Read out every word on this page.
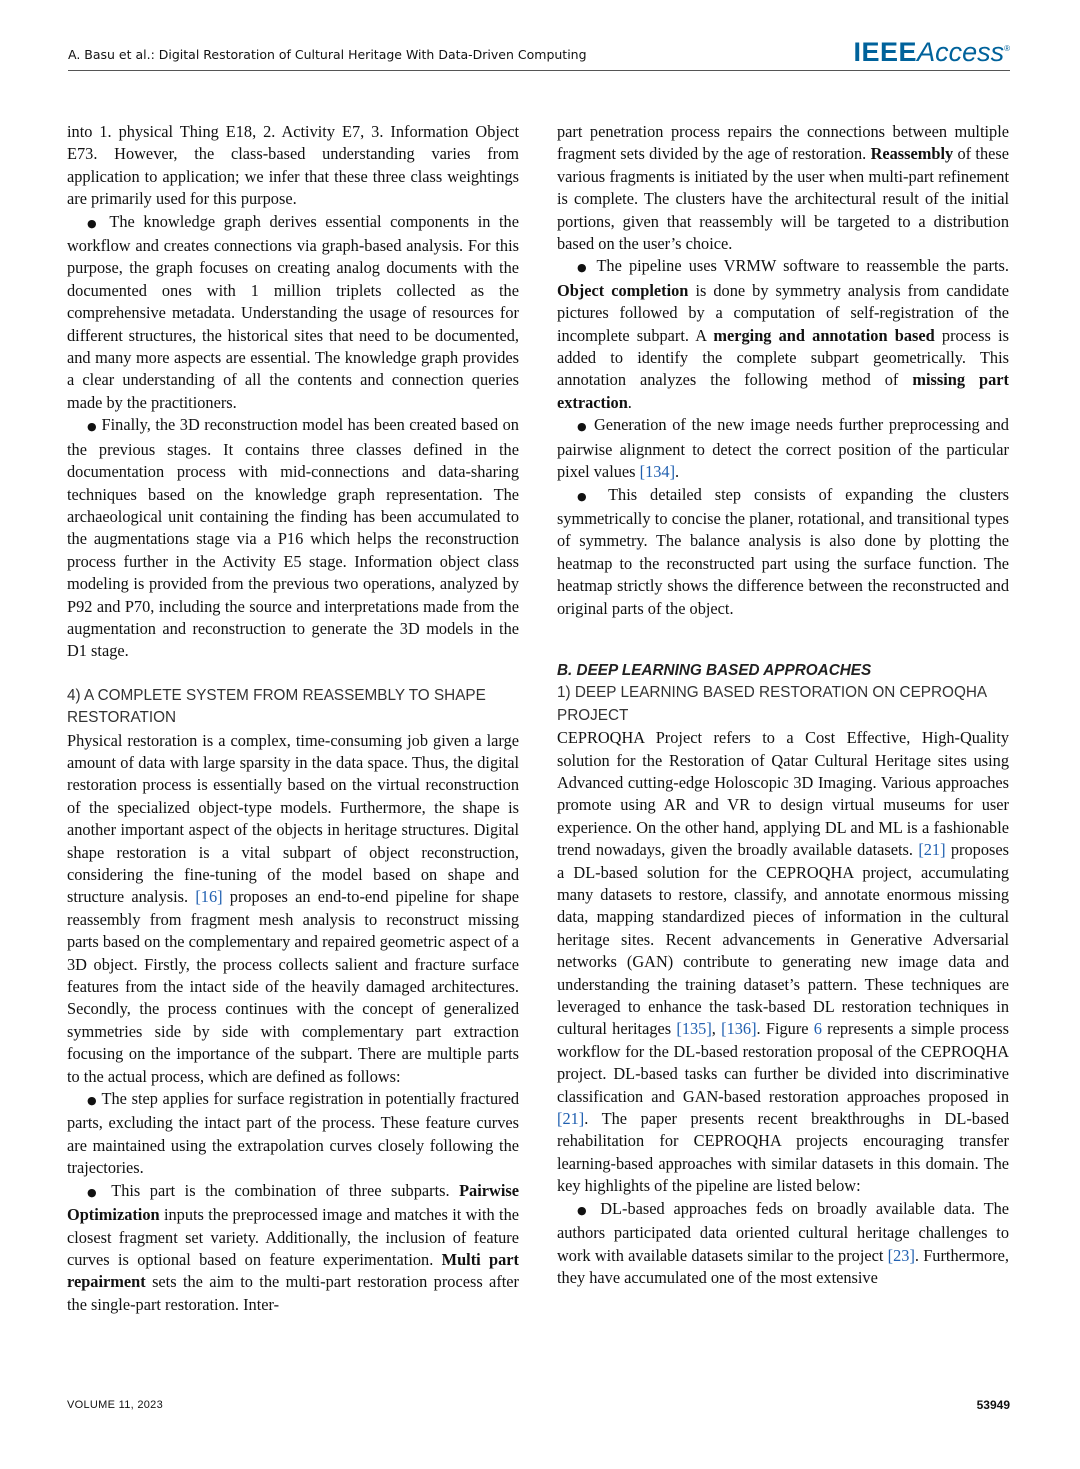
A. Basu et al.: Digital Restoration of Cultural Heritage With Data-Driven Computing	IEEEAccess®

into 1. physical Thing E18, 2. Activity E7, 3. Information Object E73. However, the class-based understanding varies from application to application; we infer that these three class weightings are primarily used for this purpose.

● The knowledge graph derives essential components in the workflow and creates connections via graph-based analysis. For this purpose, the graph focuses on creating analog documents with the documented ones with 1 million triplets collected as the comprehensive metadata. Understanding the usage of resources for different structures, the historical sites that need to be documented, and many more aspects are essential. The knowledge graph provides a clear understanding of all the contents and connection queries made by the practitioners.

● Finally, the 3D reconstruction model has been created based on the previous stages. It contains three classes defined in the documentation process with mid-connections and data-sharing techniques based on the knowledge graph representation. The archaeological unit containing the finding has been accumulated to the augmentations stage via a P16 which helps the reconstruction process further in the Activity E5 stage. Information object class modeling is provided from the previous two operations, analyzed by P92 and P70, including the source and interpretations made from the augmentation and reconstruction to generate the 3D models in the D1 stage.

4) A COMPLETE SYSTEM FROM REASSEMBLY TO SHAPE
RESTORATION

Physical restoration is a complex, time-consuming job given a large amount of data with large sparsity in the data space. Thus, the digital restoration process is essentially based on the virtual reconstruction of the specialized object-type models. Furthermore, the shape is another important aspect of the objects in heritage structures. Digital shape restoration is a vital subpart of object reconstruction, considering the fine-tuning of the model based on shape and structure analysis. [16] proposes an end-to-end pipeline for shape reassembly from fragment mesh analysis to reconstruct missing parts based on the complementary and repaired geometric aspect of a 3D object. Firstly, the process collects salient and fracture surface features from the intact side of the heavily damaged architectures. Secondly, the process continues with the concept of generalized symmetries side by side with complementary part extraction focusing on the importance of the subpart. There are multiple parts to the actual process, which are defined as follows:

● The step applies for surface registration in potentially fractured parts, excluding the intact part of the process. These feature curves are maintained using the extrapolation curves closely following the trajectories.

● This part is the combination of three subparts. Pairwise Optimization inputs the preprocessed image and matches it with the closest fragment set variety. Additionally, the inclusion of feature curves is optional based on feature experimentation. Multi part repairment sets the aim to the multi-part restoration process after the single-part restoration. Inter-

part penetration process repairs the connections between multiple fragment sets divided by the age of restoration. Reassembly of these various fragments is initiated by the user when multi-part refinement is complete. The clusters have the architectural result of the initial portions, given that reassembly will be targeted to a distribution based on the user’s choice.

● The pipeline uses VRMW software to reassemble the parts. Object completion is done by symmetry analysis from candidate pictures followed by a computation of self-registration of the incomplete subpart. A merging and annotation based process is added to identify the complete subpart geometrically. This annotation analyzes the following method of missing part extraction.

● Generation of the new image needs further preprocessing and pairwise alignment to detect the correct position of the particular pixel values [134].

● This detailed step consists of expanding the clusters symmetrically to concise the planer, rotational, and transitional types of symmetry. The balance analysis is also done by plotting the heatmap to the reconstructed part using the surface function. The heatmap strictly shows the difference between the reconstructed and original parts of the object.

B. DEEP LEARNING BASED APPROACHES

1) DEEP LEARNING BASED RESTORATION ON CEPROQHA
PROJECT

CEPROQHA Project refers to a Cost Effective, High-Quality solution for the Restoration of Qatar Cultural Heritage sites using Advanced cutting-edge Holoscopic 3D Imaging. Various approaches promote using AR and VR to design virtual museums for user experience. On the other hand, applying DL and ML is a fashionable trend nowadays, given the broadly available datasets. [21] proposes a DL-based solution for the CEPROQHA project, accumulating many datasets to restore, classify, and annotate enormous missing data, mapping standardized pieces of information in the cultural heritage sites. Recent advancements in Generative Adversarial networks (GAN) contribute to generating new image data and understanding the training dataset’s pattern. These techniques are leveraged to enhance the task-based DL restoration techniques in cultural heritages [135], [136]. Figure 6 represents a simple process workflow for the DL-based restoration proposal of the CEPROQHA project. DL-based tasks can further be divided into discriminative classification and GAN-based restoration approaches proposed in [21]. The paper presents recent breakthroughs in DL-based rehabilitation for CEPROQHA projects encouraging transfer learning-based approaches with similar datasets in this domain. The key highlights of the pipeline are listed below:

● DL-based approaches feds on broadly available data. The authors participated data oriented cultural heritage challenges to work with available datasets similar to the project [23]. Furthermore, they have accumulated one of the most extensive

VOLUME 11, 2023	53949
